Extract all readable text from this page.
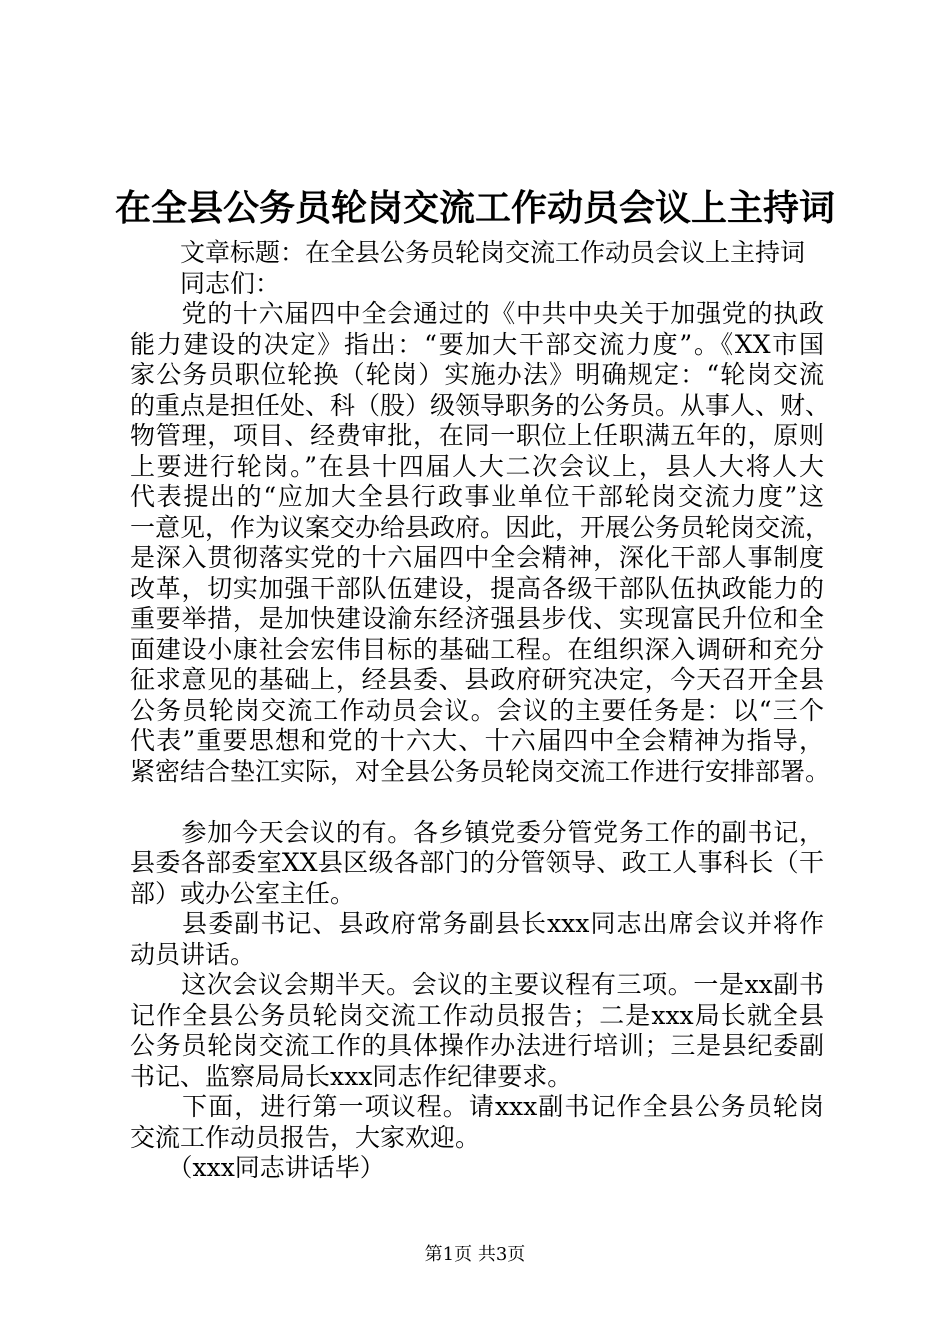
在全县公务员轮岗交流工作动员会议上主持词
　　文章标题：在全县公务员轮岗交流工作动员会议上主持词
　　同志们：
　　党的十六届四中全会通过的《中共中央关于加强党的执政
能力建设的决定》指出：“要加大干部交流力度”。《XX市国
家公务员职位轮换（轮岗）实施办法》明确规定：“轮岗交流
的重点是担任处、科（股）级领导职务的公务员。从事人、财、
物管理，项目、经费审批，在同一职位上任职满五年的，原则
上要进行轮岗。”在县十四届人大二次会议上，县人大将人大
代表提出的“应加大全县行政事业单位干部轮岗交流力度”这
一意见，作为议案交办给县政府。因此，开展公务员轮岗交流，
是深入贯彻落实党的十六届四中全会精神，深化干部人事制度
改革，切实加强干部队伍建设，提高各级干部队伍执政能力的
重要举措，是加快建设渝东经济强县步伐、实现富民升位和全
面建设小康社会宏伟目标的基础工程。在组织深入调研和充分
征求意见的基础上，经县委、县政府研究决定，今天召开全县
公务员轮岗交流工作动员会议。会议的主要任务是：以“三个
代表”重要思想和党的十六大、十六届四中全会精神为指导，
紧密结合垫江实际，对全县公务员轮岗交流工作进行安排部署。
　　参加今天会议的有。各乡镇党委分管党务工作的副书记，
县委各部委室XX县区级各部门的分管领导、政工人事科长（干
部）或办公室主任。
　　县委副书记、县政府常务副县长xxx同志出席会议并将作
动员讲话。
　　这次会议会期半天。会议的主要议程有三项。一是xx副书
记作全县公务员轮岗交流工作动员报告；二是xxx局长就全县
公务员轮岗交流工作的具体操作办法进行培训；三是县纪委副
书记、监察局局长xxx同志作纪律要求。
　　下面，进行第一项议程。请xxx副书记作全县公务员轮岗
交流工作动员报告，大家欢迎。
　　（xxx同志讲话毕）
第1页 共3页
